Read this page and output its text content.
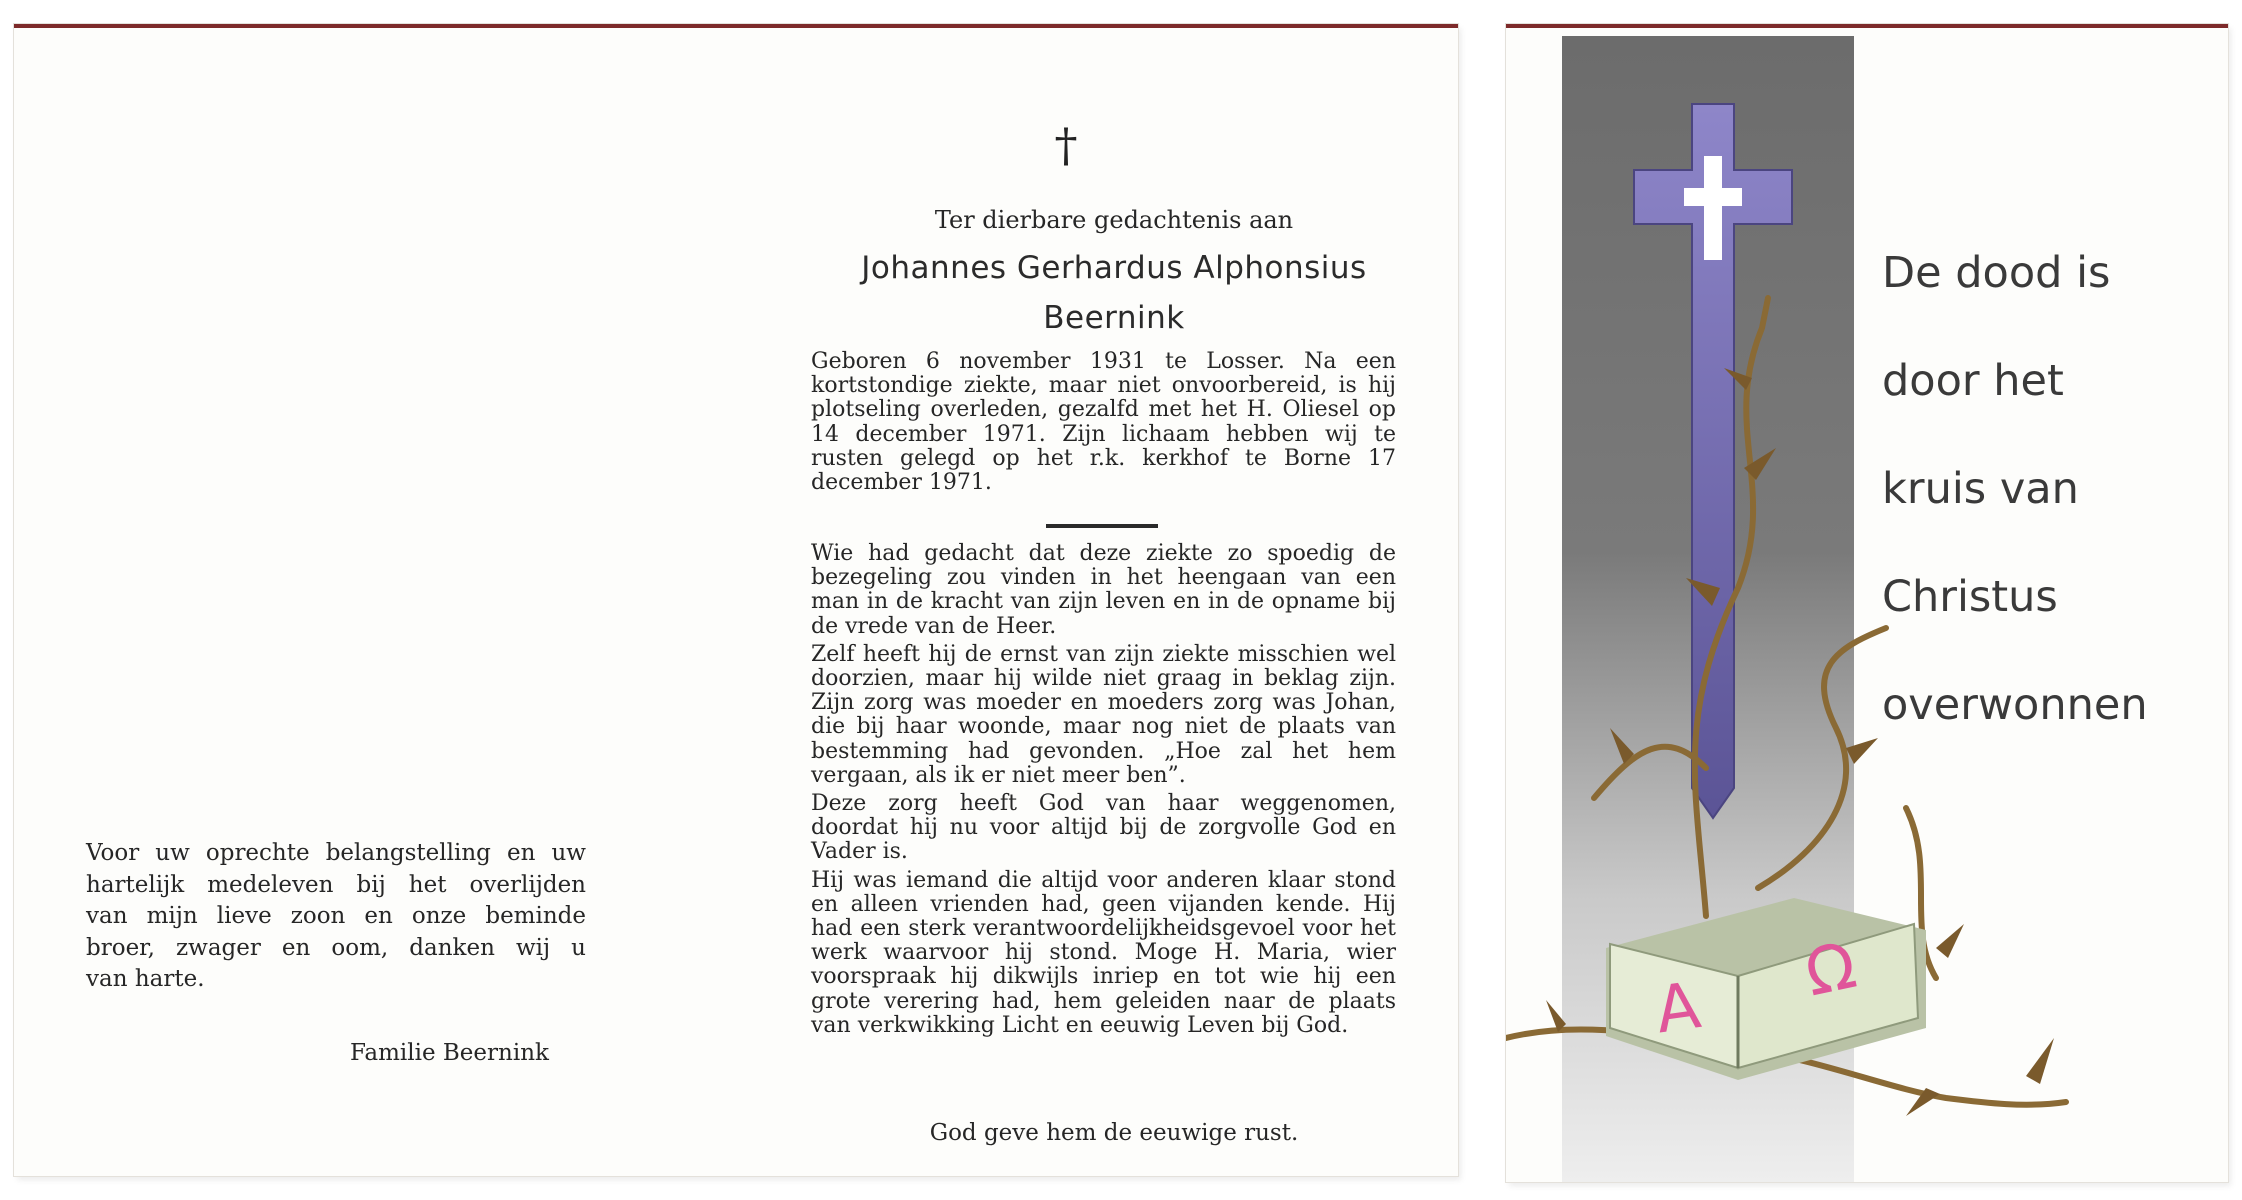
Voor uw oprechte belangstelling en uw
hartelijk medeleven bij het overlijden
van mijn lieve zoon en onze beminde
broer, zwager en oom, danken wij u
van harte.
Familie Beernink
†
Ter dierbare gedachtenis aan
Johannes Gerhardus Alphonsius
Beernink

Geboren 6 november 1931 te Losser. Na een kortstondige ziekte, maar niet onvoorbereid, is hij plotseling overleden, gezalfd met het H. Oliesel op 14 december 1971. Zijn lichaam hebben wij te rusten gelegd op het r.k. kerkhof te Borne 17 december 1971.

Wie had gedacht dat deze ziekte zo spoedig de bezegeling zou vinden in het heengaan van een man in de kracht van zijn leven en in de opname bij de vrede van de Heer.

Zelf heeft hij de ernst van zijn ziekte misschien wel doorzien, maar hij wilde niet graag in beklag zijn. Zijn zorg was moeder en moeders zorg was Johan, die bij haar woonde, maar nog niet de plaats van bestemming had gevonden. „Hoe zal het hem vergaan, als ik er niet meer ben”.

Deze zorg heeft God van haar weggenomen, doordat hij nu voor altijd bij de zorgvolle God en Vader is.

Hij was iemand die altijd voor anderen klaar stond en alleen vrienden had, geen vijanden kende. Hij had een sterk verantwoordelijkheidsgevoel voor het werk waarvoor hij stond. Moge H. Maria, wier voorspraak hij dikwijls inriep en tot wie hij een grote verering had, hem geleiden naar de plaats van verkwikking Licht en eeuwig Leven bij God.

God geve hem de eeuwige rust.
A Ω
De dood is
door het
kruis van
Christus
overwonnen
